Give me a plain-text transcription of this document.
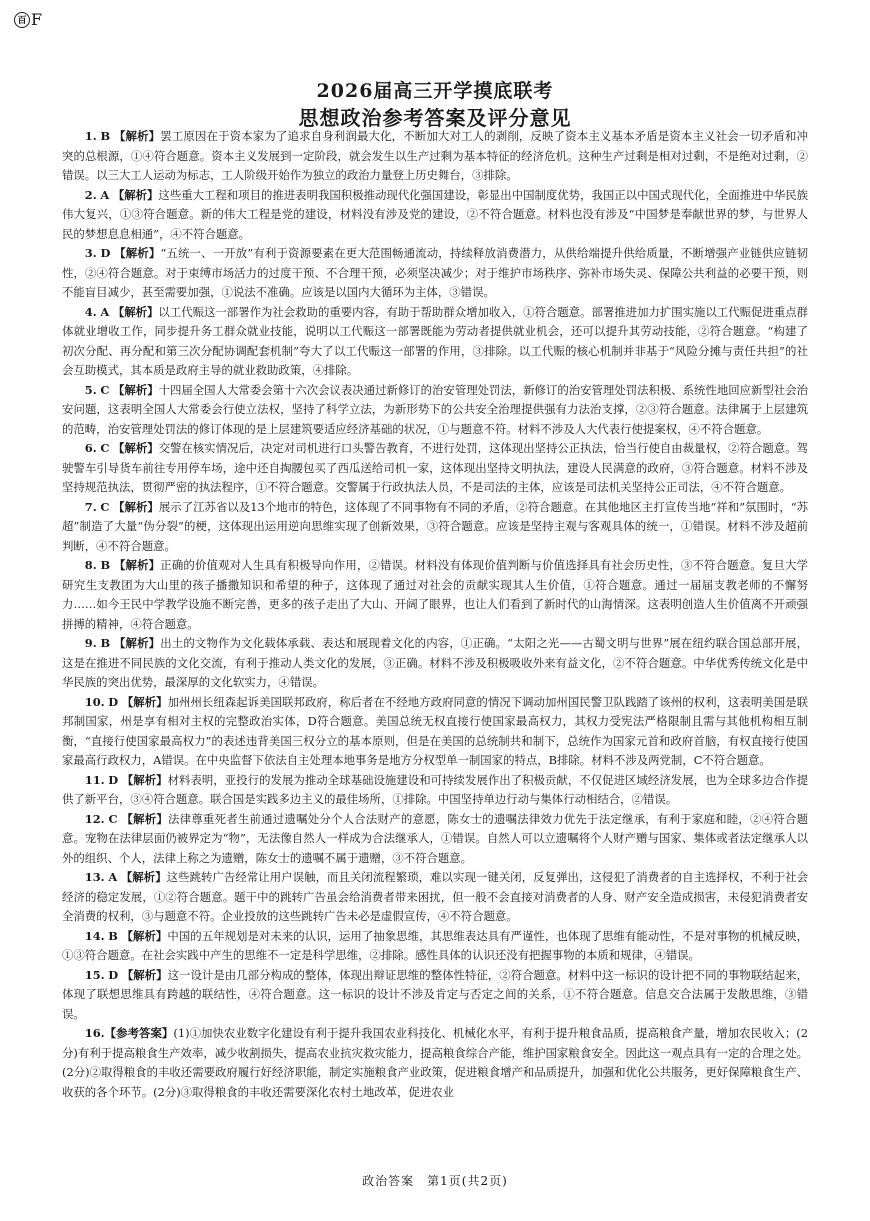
百 F
2026届高三开学摸底联考
思想政治参考答案及评分意见

1. B 【解析】罢工原因在于资本家为了追求自身利润最大化，不断加大对工人的剥削，反映了资本主义基本矛盾是资本主义社会一切矛盾和冲突的总根源，①④符合题意。资本主义发展到一定阶段，就会发生以生产过剩为基本特征的经济危机。这种生产过剩是相对过剩，不是绝对过剩，②错误。以三大工人运动为标志，工人阶级开始作为独立的政治力量登上历史舞台，③排除。

2. A 【解析】这些重大工程和项目的推进表明我国积极推动现代化强国建设，彰显出中国制度优势，我国正以中国式现代化，全面推进中华民族伟大复兴，①③符合题意。新的伟大工程是党的建设，材料没有涉及党的建设，②不符合题意。材料也没有涉及“中国梦是奉献世界的梦，与世界人民的梦想息息相通”，④不符合题意。

3. D 【解析】“五统一、一开放”有利于资源要素在更大范围畅通流动，持续释放消费潜力，从供给端提升供给质量，不断增强产业链供应链韧性，②④符合题意。对于束缚市场活力的过度干预、不合理干预，必须坚决减少；对于维护市场秩序、弥补市场失灵、保障公共利益的必要干预，则不能盲目减少，甚至需要加强，①说法不准确。应该是以国内大循环为主体，③错误。

4. A 【解析】以工代赈这一部署作为社会救助的重要内容，有助于帮助群众增加收入，①符合题意。部署推进加力扩围实施以工代赈促进重点群体就业增收工作，同步提升务工群众就业技能，说明以工代赈这一部署既能为劳动者提供就业机会，还可以提升其劳动技能，②符合题意。“构建了初次分配、再分配和第三次分配协调配套机制”夸大了以工代赈这一部署的作用，③排除。以工代赈的核心机制并非基于“风险分摊与责任共担”的社会互助模式，其本质是政府主导的就业救助政策，④排除。

5. C 【解析】十四届全国人大常委会第十六次会议表决通过新修订的治安管理处罚法，新修订的治安管理处罚法积极、系统性地回应新型社会治安问题，这表明全国人大常委会行使立法权，坚持了科学立法，为新形势下的公共安全治理提供强有力法治支撑，②③符合题意。法律属于上层建筑的范畴，治安管理处罚法的修订体现的是上层建筑要适应经济基础的状况，①与题意不符。材料不涉及人大代表行使提案权，④不符合题意。

6. C 【解析】交警在核实情况后，决定对司机进行口头警告教育，不进行处罚，这体现出坚持公正执法，恰当行使自由裁量权，②符合题意。驾驶警车引导货车前往专用停车场，途中还自掏腰包买了西瓜送给司机一家，这体现出坚持文明执法，建设人民满意的政府，③符合题意。材料不涉及坚持规范执法，贯彻严密的执法程序，①不符合题意。交警属于行政执法人员，不是司法的主体，应该是司法机关坚持公正司法，④不符合题意。

7. C 【解析】展示了江苏省以及13个地市的特色，这体现了不同事物有不同的矛盾，②符合题意。在其他地区主打宣传当地“祥和”氛围时，“苏超”制造了大量“伪分裂”的梗，这体现出运用逆向思维实现了创新效果，③符合题意。应该是坚持主观与客观具体的统一，①错误。材料不涉及超前判断，④不符合题意。

8. B 【解析】正确的价值观对人生具有积极导向作用，②错误。材料没有体现价值判断与价值选择具有社会历史性，③不符合题意。复旦大学研究生支教团为大山里的孩子播撒知识和希望的种子，这体现了通过对社会的贡献实现其人生价值，①符合题意。通过一届届支教老师的不懈努力……如今王民中学教学设施不断完善，更多的孩子走出了大山、开阔了眼界，也让人们看到了新时代的山海情深。这表明创造人生价值离不开顽强拼搏的精神，④符合题意。

9. B 【解析】出土的文物作为文化载体承载、表达和展现着文化的内容，①正确。“太阳之光——古蜀文明与世界”展在纽约联合国总部开展，这是在推进不同民族的文化交流，有利于推动人类文化的发展，③正确。材料不涉及积极吸收外来有益文化，②不符合题意。中华优秀传统文化是中华民族的突出优势，最深厚的文化软实力，④错误。

10. D 【解析】加州州长纽森起诉美国联邦政府，称后者在不经地方政府同意的情况下调动加州国民警卫队践踏了该州的权利，这表明美国是联邦制国家，州是享有相对主权的完整政治实体，D符合题意。美国总统无权直接行使国家最高权力，其权力受宪法严格限制且需与其他机构相互制衡，“直接行使国家最高权力”的表述违背美国三权分立的基本原则，但是在美国的总统制共和制下，总统作为国家元首和政府首脑，有权直接行使国家最高行政权力，A错误。在中央监督下依法自主处理本地事务是地方分权型单一制国家的特点，B排除。材料不涉及两党制，C不符合题意。

11. D 【解析】材料表明，亚投行的发展为推动全球基础设施建设和可持续发展作出了积极贡献，不仅促进区域经济发展，也为全球多边合作提供了新平台，③④符合题意。联合国是实践多边主义的最佳场所，①排除。中国坚持单边行动与集体行动相结合，②错误。

12. C 【解析】法律尊重死者生前通过遗嘱处分个人合法财产的意愿，陈女士的遗嘱法律效力优先于法定继承，有利于家庭和睦，②④符合题意。宠物在法律层面仍被界定为“物”，无法像自然人一样成为合法继承人，①错误。自然人可以立遗嘱将个人财产赠与国家、集体或者法定继承人以外的组织、个人，法律上称之为遗赠，陈女士的遗嘱不属于遗赠，③不符合题意。

13. A 【解析】这些跳转广告经常让用户误触，而且关闭流程繁琐，难以实现一键关闭，反复弹出，这侵犯了消费者的自主选择权，不利于社会经济的稳定发展，①②符合题意。题干中的跳转广告虽会给消费者带来困扰，但一般不会直接对消费者的人身、财产安全造成损害，未侵犯消费者安全消费的权利，③与题意不符。企业投放的这些跳转广告未必是虚假宣传，④不符合题意。

14. B 【解析】中国的五年规划是对未来的认识，运用了抽象思维，其思维表达具有严谨性，也体现了思维有能动性，不是对事物的机械反映，①③符合题意。在社会实践中产生的思维不一定是科学思维，②排除。感性具体的认识还没有把握事物的本质和规律，④错误。

15. D 【解析】这一设计是由几部分构成的整体，体现出辩证思维的整体性特征，②符合题意。材料中这一标识的设计把不同的事物联结起来，体现了联想思维具有跨越的联结性，④符合题意。这一标识的设计不涉及肯定与否定之间的关系，①不符合题意。信息交合法属于发散思维，③错误。

16.【参考答案】(1)①加快农业数字化建设有利于提升我国农业科技化、机械化水平，有利于提升粮食品质，提高粮食产量，增加农民收入；(2分)有利于提高粮食生产效率，减少收割损失，提高农业抗灾救灾能力，提高粮食综合产能，维护国家粮食安全。因此这一观点具有一定的合理之处。(2分)②取得粮食的丰收还需要政府履行好经济职能，制定实施粮食产业政策，促进粮食增产和品质提升，加强和优化公共服务，更好保障粮食生产、收获的各个环节。(2分)③取得粮食的丰收还需要深化农村土地改革，促进农业

政治答案　第1页(共2页)
